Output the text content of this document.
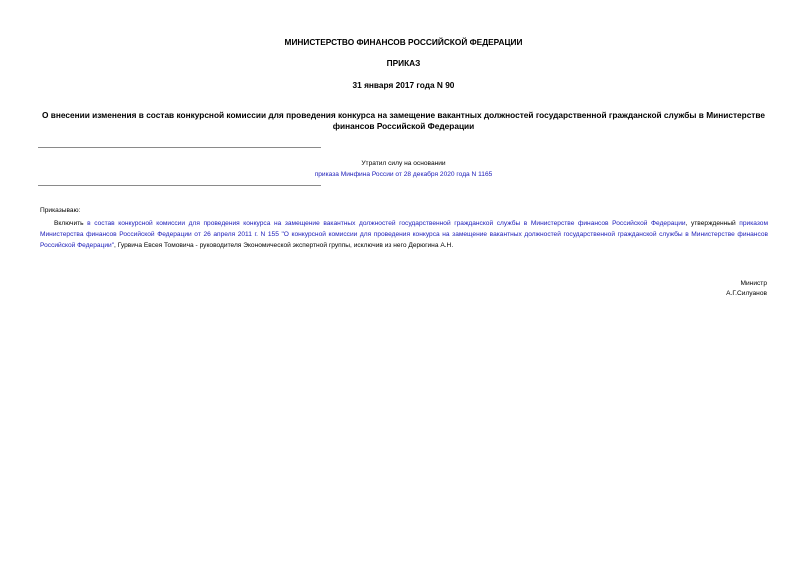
МИНИСТЕРСТВО ФИНАНСОВ РОССИЙСКОЙ ФЕДЕРАЦИИ
ПРИКАЗ
31 января 2017 года N 90
О внесении изменения в состав конкурсной комиссии для проведения конкурса на замещение вакантных должностей государственной гражданской службы в Министерстве финансов Российской Федерации
Утратил силу на основании
приказа Минфина России от 28 декабря 2020 года N 1165
Приказываю:
Включить в состав конкурсной комиссии для проведения конкурса на замещение вакантных должностей государственной гражданской службы в Министерстве финансов Российской Федерации, утвержденный приказом Министерства финансов Российской Федерации от 26 апреля 2011 г. N 155 "О конкурсной комиссии для проведения конкурса на замещение вакантных должностей государственной гражданской службы в Министерстве финансов Российской Федерации", Гурвича Евсея Томовича - руководителя Экономической экспертной группы, исключив из него Дерюгина А.Н.
Министр
А.Г.Силуанов
